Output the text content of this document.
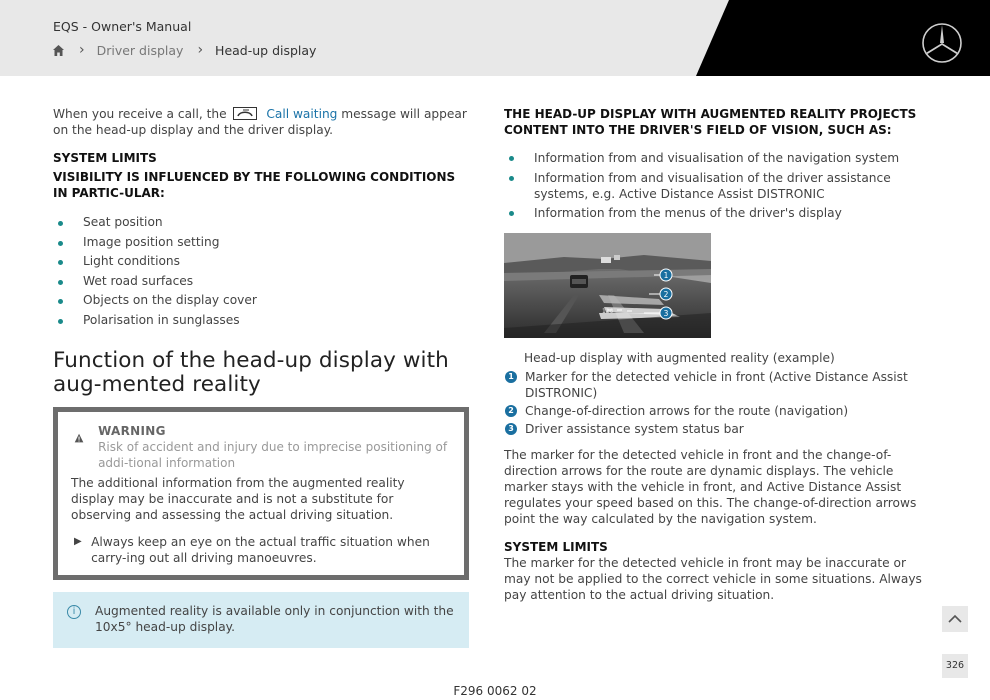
EQS - Owner's Manual
› Driver display › Head-up display

When you receive a call, the	Call waiting message will appear on the head-up display and the driver display.

SYSTEM LIMITS
VISIBILITY IS INFLUENCED BY THE FOLLOWING CONDITIONS IN PARTIC-ULAR:
Seat position
Image position setting
Light conditions
Wet road surfaces
Objects on the display cover
Polarisation in sunglasses
Function of the head-up display with aug-mented reality
WARNING
Risk of accident and injury due to imprecise positioning of addi-tional information

The additional information from the augmented reality display may be inaccurate and is not a substitute for observing and assessing the actual driving situation.

▶ Always keep an eye on the actual traffic situation when carry-ing out all driving manoeuvres.
i	Augmented reality is available only in conjunction with the 10x5° head-up display.

THE HEAD-UP DISPLAY WITH AUGMENTED REALITY PROJECTS CONTENT INTO THE DRIVER'S FIELD OF VISION, SUCH AS:
Information from and visualisation of the navigation system
Information from and visualisation of the driver assistance systems, e.g. Active Distance Assist DISTRONIC
Information from the menus of the driver's display
120
1
2
3
Head-up display with augmented reality (example)
1 Marker for the detected vehicle in front (Active Distance Assist DISTRONIC)
2 Change-of-direction arrows for the route (navigation)
3 Driver assistance system status bar

The marker for the detected vehicle in front and the change-of-direction arrows for the route are dynamic displays. The vehicle marker stays with the vehicle in front, and Active Distance Assist regulates your speed based on this. The change-of-direction arrows point the way calculated by the navigation system.

SYSTEM LIMITS

The marker for the detected vehicle in front may be inaccurate or may not be applied to the correct vehicle in some situations. Always pay attention to the actual driving situation.

326
F296 0062 02
